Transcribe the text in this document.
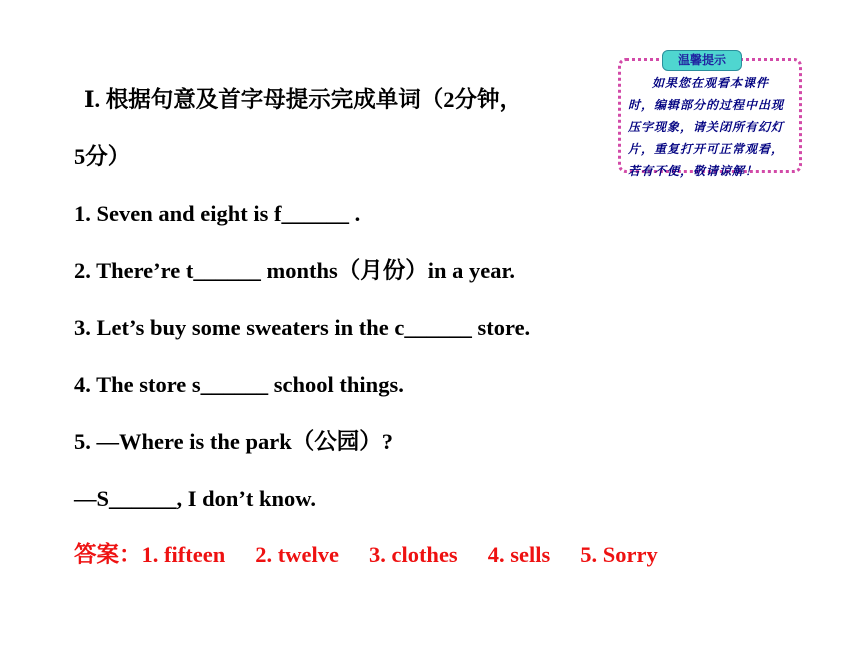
Ⅰ. 根据句意及首字母提示完成单词（2分钟，
5分）
1. Seven and eight is f______ .
2. There’re t______ months（月份）in a year.
3. Let’s buy some sweaters in the c______ store.
4. The store s______ school things.
5. —Where is the park（公园）?
—S______, I don’t know.
答案：1. fifteen 2. twelve 3. clothes 4. sells 5. Sorry
温馨提示
如果您在观看本课件时，编辑部分的过程中出现压字现象，请关闭所有幻灯片，重复打开可正常观看，若有不便，敬请谅解！
